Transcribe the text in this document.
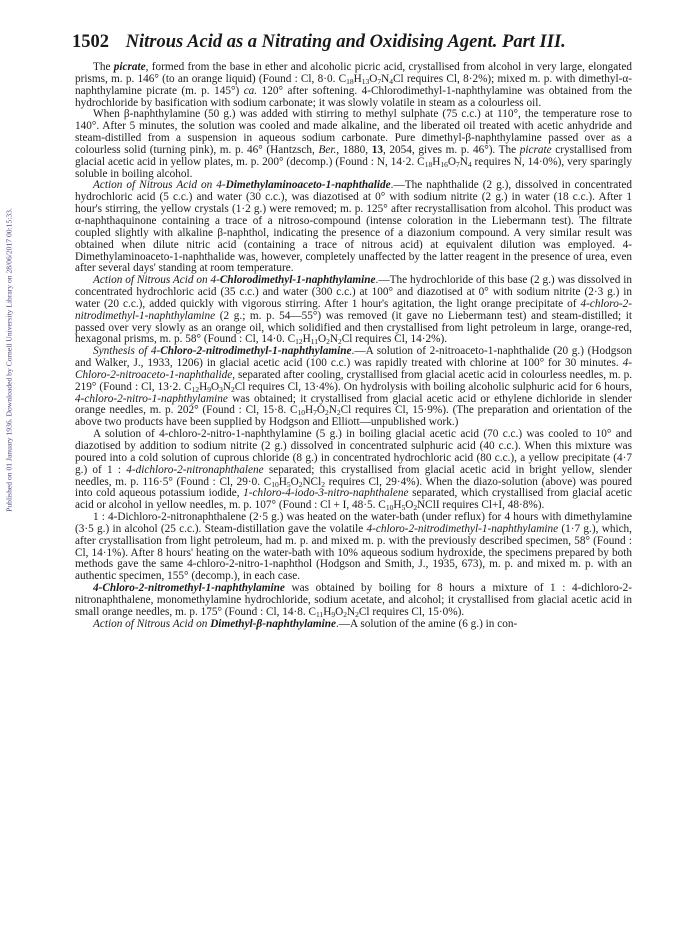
Published on 01 January 1936. Downloaded by Cornell University Library on 28/06/2017 00:15:33.
1502 Nitrous Acid as a Nitrating and Oxidising Agent. Part III.

The picrate, formed from the base in ether and alcoholic picric acid, crystallised from alcohol in very large, elongated prisms, m. p. 146° (to an orange liquid) (Found : Cl, 8·0. $C_{18}H_{13}O_7N_4Cl$ requires Cl, 8·2%); mixed m. p. with dimethyl-α-naphthylamine picrate (m. p. 145°) ca. 120° after softening. 4-Chlorodimethyl-1-naphthylamine was obtained from the hydrochloride by basification with sodium carbonate; it was slowly volatile in steam as a colourless oil.

When β-naphthylamine (50 g.) was added with stirring to methyl sulphate (75 c.c.) at 110°, the temperature rose to 140°. After 5 minutes, the solution was cooled and made alkaline, and the liberated oil treated with acetic anhydride and steam-distilled from a suspension in aqueous sodium carbonate. Pure dimethyl-β-naphthylamine passed over as a colourless solid (turning pink), m. p. 46° (Hantzsch, Ber., 1880, 13, 2054, gives m. p. 46°). The picrate crystallised from glacial acetic acid in yellow plates, m. p. 200° (decomp.) (Found : N, 14·2. $C_{18}H_{16}O_7N_4$ requires N, 14·0%), very sparingly soluble in boiling alcohol.

Action of Nitrous Acid on 4-Dimethylaminoaceto-1-naphthalide.—The naphthalide (2 g.), dissolved in concentrated hydrochloric acid (5 c.c.) and water (30 c.c.), was diazotised at 0° with sodium nitrite (2 g.) in water (18 c.c.). After 1 hour's stirring, the yellow crystals (1·2 g.) were removed; m. p. 125° after recrystallisation from alcohol. This product was α-naphthaquinone containing a trace of a nitroso-compound (intense coloration in the Liebermann test). The filtrate coupled slightly with alkaline β-naphthol, indicating the presence of a diazonium compound. A very similar result was obtained when dilute nitric acid (containing a trace of nitrous acid) at equivalent dilution was employed. 4-Dimethylaminoaceto-1-naphthalide was, however, completely unaffected by the latter reagent in the presence of urea, even after several days' standing at room temperature.

Action of Nitrous Acid on 4-Chlorodimethyl-1-naphthylamine.—The hydrochloride of this base (2 g.) was dissolved in concentrated hydrochloric acid (35 c.c.) and water (300 c.c.) at 100° and diazotised at 0° with sodium nitrite (2·3 g.) in water (20 c.c.), added quickly with vigorous stirring. After 1 hour's agitation, the light orange precipitate of 4-chloro-2-nitrodimethyl-1-naphthylamine (2 g.; m. p. 54—55°) was removed (it gave no Liebermann test) and steam-distilled; it passed over very slowly as an orange oil, which solidified and then crystallised from light petroleum in large, orange-red, hexagonal prisms, m. p. 58° (Found : Cl, 14·0. $C_{12}H_{11}O_2N_2Cl$ requires Cl, 14·2%).

Synthesis of 4-Chloro-2-nitrodimethyl-1-naphthylamine.—A solution of 2-nitroaceto-1-naphthalide (20 g.) (Hodgson and Walker, J., 1933, 1206) in glacial acetic acid (100 c.c.) was rapidly treated with chlorine at 100° for 30 minutes. 4-Chloro-2-nitroaceto-1-naphthalide, separated after cooling, crystallised from glacial acetic acid in colourless needles, m. p. 219° (Found : Cl, 13·2. $C_{12}H_9O_3N_2Cl$ requires Cl, 13·4%). On hydrolysis with boiling alcoholic sulphuric acid for 6 hours, 4-chloro-2-nitro-1-naphthylamine was obtained; it crystallised from glacial acetic acid or ethylene dichloride in slender orange needles, m. p. 202° (Found : Cl, 15·8. $C_{10}H_7O_2N_2Cl$ requires Cl, 15·9%). (The preparation and orientation of the above two products have been supplied by Hodgson and Elliott—unpublished work.)

A solution of 4-chloro-2-nitro-1-naphthylamine (5 g.) in boiling glacial acetic acid (70 c.c.) was cooled to 10° and diazotised by addition to sodium nitrite (2 g.) dissolved in concentrated sulphuric acid (40 c.c.). When this mixture was poured into a cold solution of cuprous chloride (8 g.) in concentrated hydrochloric acid (80 c.c.), a yellow precipitate (4·7 g.) of 1 : 4-dichloro-2-nitronaphthalene separated; this crystallised from glacial acetic acid in bright yellow, slender needles, m. p. 116·5° (Found : Cl, 29·0. $C_{10}H_5O_2NCl_2$ requires Cl, 29·4%). When the diazo-solution (above) was poured into cold aqueous potassium iodide, 1-chloro-4-iodo-3-nitro-naphthalene separated, which crystallised from glacial acetic acid or alcohol in yellow needles, m. p. 107° (Found : Cl + I, 48·5. $C_{10}H_5O_2NClI$ requires Cl+I, 48·8%).

1 : 4-Dichloro-2-nitronaphthalene (2·5 g.) was heated on the water-bath (under reflux) for 4 hours with dimethylamine (3·5 g.) in alcohol (25 c.c.). Steam-distillation gave the volatile 4-chloro-2-nitrodimethyl-1-naphthylamine (1·7 g.), which, after crystallisation from light petroleum, had m. p. and mixed m. p. with the previously described specimen, 58° (Found : Cl, 14·1%). After 8 hours' heating on the water-bath with 10% aqueous sodium hydroxide, the specimens prepared by both methods gave the same 4-chloro-2-nitro-1-naphthol (Hodgson and Smith, J., 1935, 673), m. p. and mixed m. p. with an authentic specimen, 155° (decomp.), in each case.

4-Chloro-2-nitromethyl-1-naphthylamine was obtained by boiling for 8 hours a mixture of 1 : 4-dichloro-2-nitronaphthalene, monomethylamine hydrochloride, sodium acetate, and alcohol; it crystallised from glacial acetic acid in small orange needles, m. p. 175° (Found : Cl, 14·8. $C_{11}H_9O_2N_2Cl$ requires Cl, 15·0%).

Action of Nitrous Acid on Dimethyl-β-naphthylamine.—A solution of the amine (6 g.) in con-
